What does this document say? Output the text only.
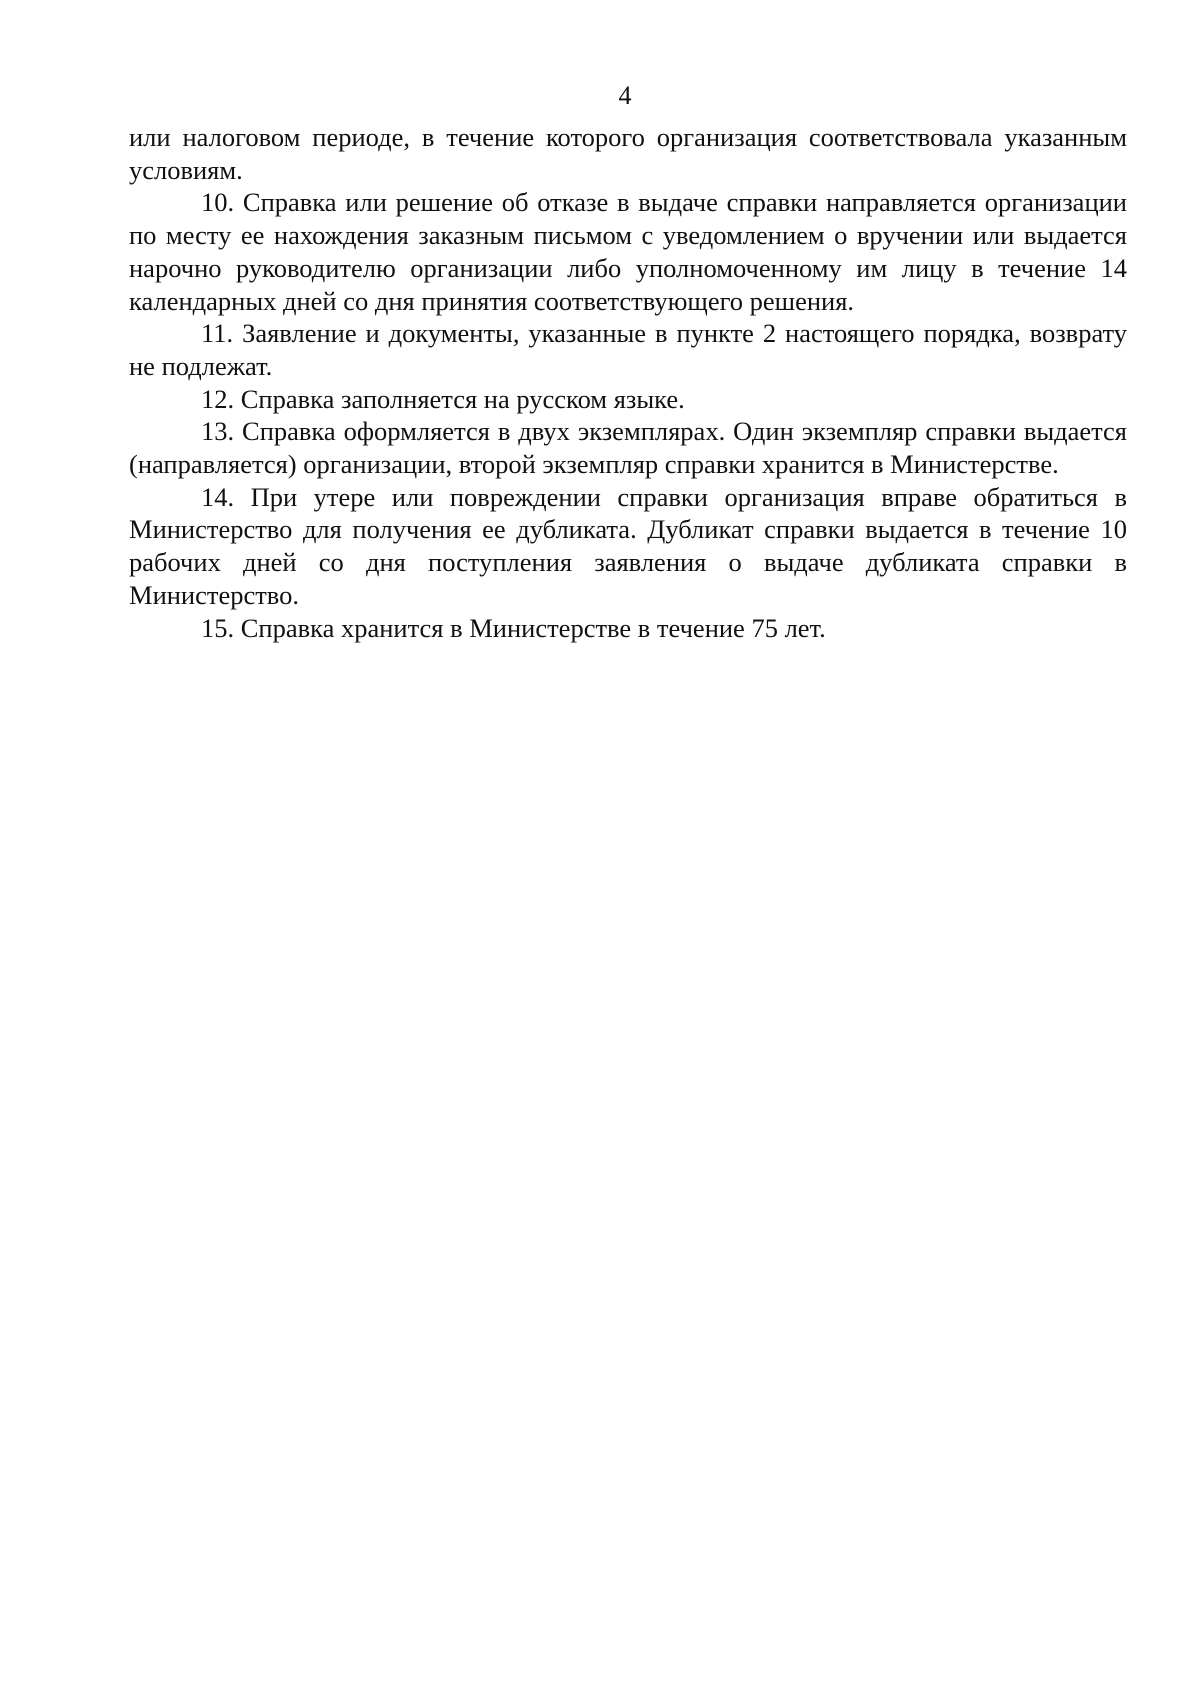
4

или налоговом периоде, в течение которого организация соответствовала указанным условиям.

10. Справка или решение об отказе в выдаче справки направляется организации по месту ее нахождения заказным письмом с уведомлением о вручении или выдается нарочно руководителю организации либо уполномоченному им лицу в течение 14 календарных дней со дня принятия соответствующего решения.

11. Заявление и документы, указанные в пункте 2 настоящего порядка, возврату не подлежат.

12. Справка заполняется на русском языке.

13. Справка оформляется в двух экземплярах. Один экземпляр справки выдается (направляется) организации, второй экземпляр справки хранится в Министерстве.

14. При утере или повреждении справки организация вправе обратиться в Министерство для получения ее дубликата. Дубликат справки выдается в течение 10 рабочих дней со дня поступления заявления о выдаче дубликата справки в Министерство.

15. Справка хранится в Министерстве в течение 75 лет.
